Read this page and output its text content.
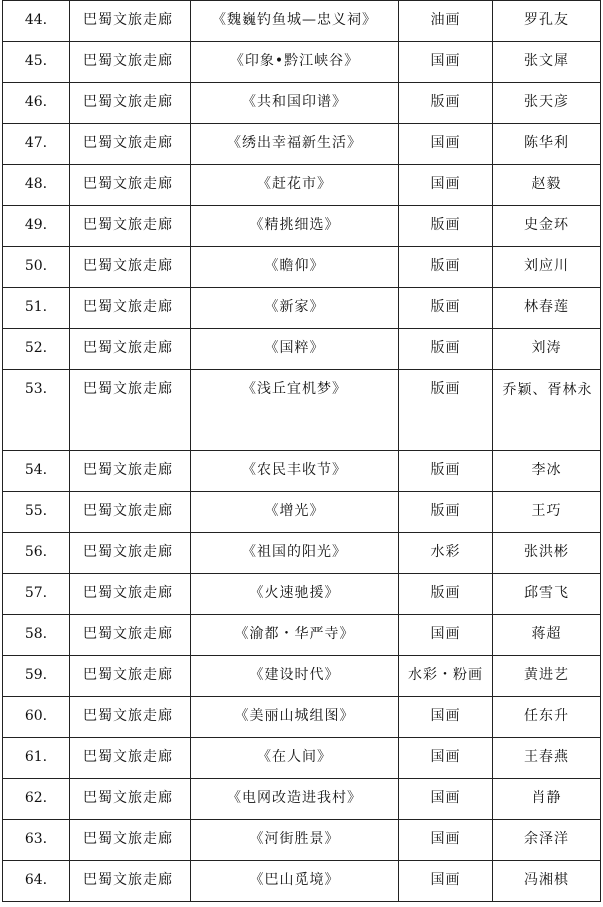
44.	巴蜀文旅走廊	《魏巍钓鱼城—忠义祠》	油画	罗孔友
45.	巴蜀文旅走廊	《印象•黔江峡谷》	国画	张文犀
46.	巴蜀文旅走廊	《共和国印谱》	版画	张天彦
47.	巴蜀文旅走廊	《绣出幸福新生活》	国画	陈华利
48.	巴蜀文旅走廊	《赶花市》	国画	赵毅
49.	巴蜀文旅走廊	《精挑细选》	版画	史金环
50.	巴蜀文旅走廊	《瞻仰》	版画	刘应川
51.	巴蜀文旅走廊	《新家》	版画	林春莲
52.	巴蜀文旅走廊	《国粹》	版画	刘涛
53.	巴蜀文旅走廊	《浅丘宜机梦》	版画	乔颖、胥林永
54.	巴蜀文旅走廊	《农民丰收节》	版画	李冰
55.	巴蜀文旅走廊	《增光》	版画	王巧
56.	巴蜀文旅走廊	《祖国的阳光》	水彩	张洪彬
57.	巴蜀文旅走廊	《火速驰援》	版画	邱雪飞
58.	巴蜀文旅走廊	《渝都・华严寺》	国画	蒋超
59.	巴蜀文旅走廊	《建设时代》	水彩・粉画	黄进艺
60.	巴蜀文旅走廊	《美丽山城组图》	国画	任东升
61.	巴蜀文旅走廊	《在人间》	国画	王春燕
62.	巴蜀文旅走廊	《电网改造进我村》	国画	肖静
63.	巴蜀文旅走廊	《河街胜景》	国画	余泽洋
64.	巴蜀文旅走廊	《巴山觅境》	国画	冯湘棋
